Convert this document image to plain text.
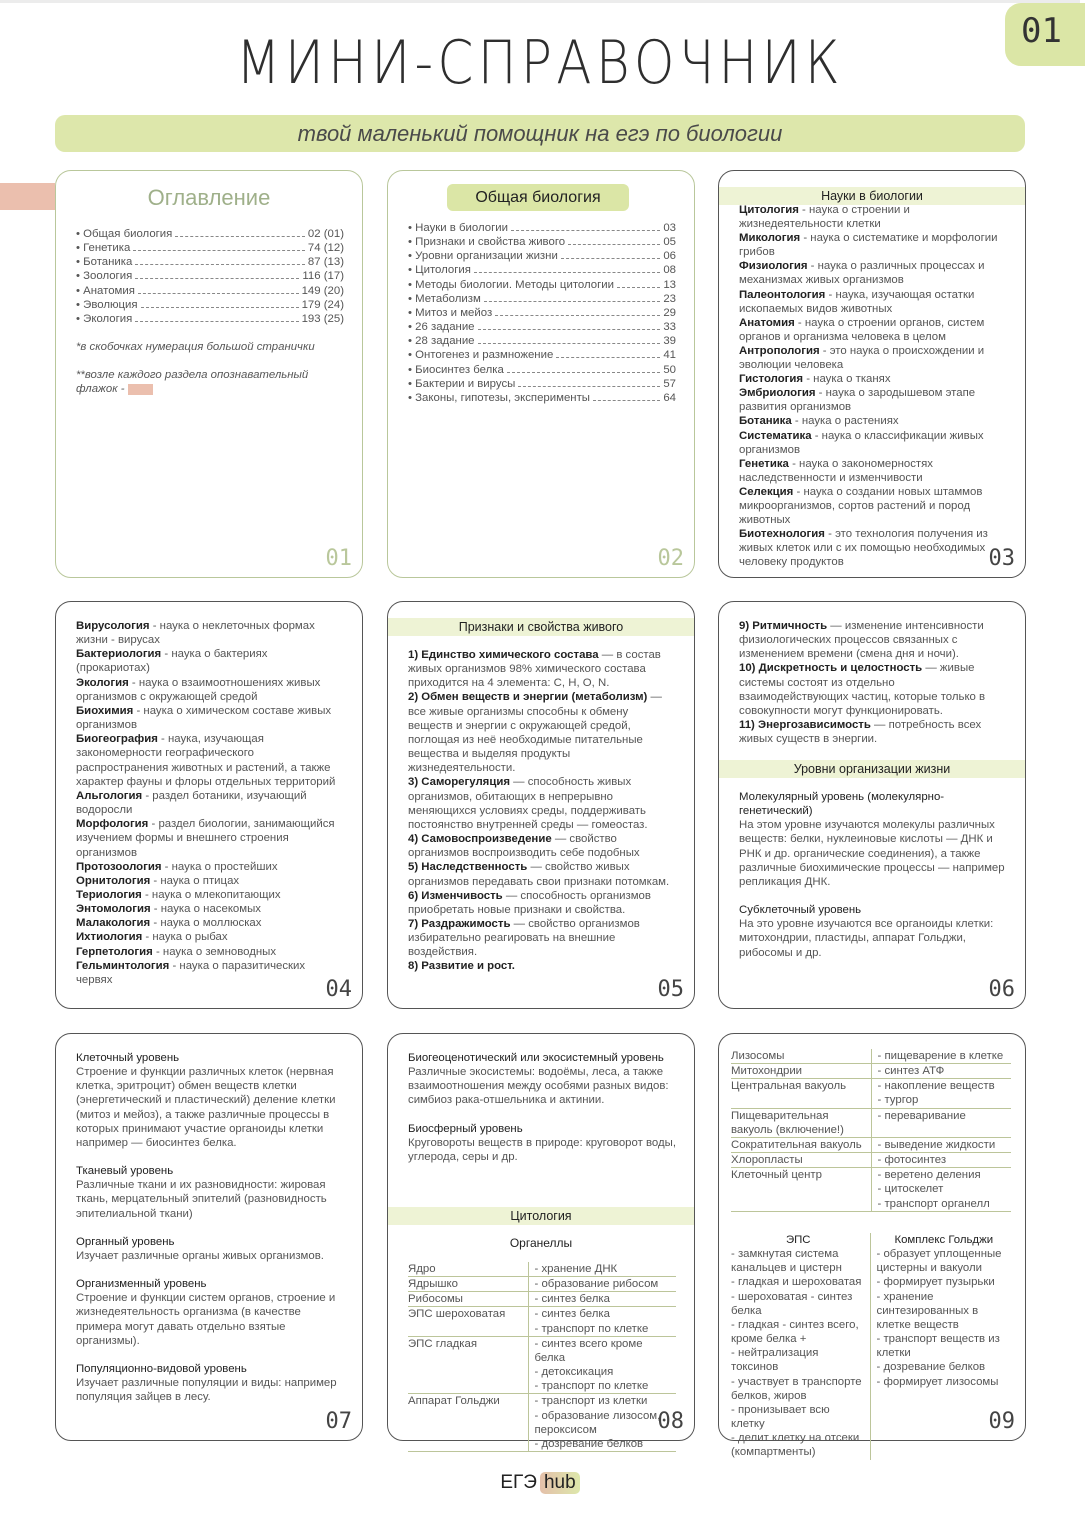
МИНИ-СПРАВОЧНИК	01
твой маленький помощник на егэ по биологии
01
Оглавление
• Общая биология	02 (01)
• Генетика	74 (12)
• Ботаника	87 (13)
• Зоология	116 (17)
• Анатомия	149 (20)
• Эволюция	179 (24)
• Экология	193 (25)
*в скобочках нумерация большой странички
**возле каждого раздела опознавательный флажок -
02
Общая биология
• Науки в биологии	03
• Признаки и свойства живого	05
• Уровни организации жизни	06
• Цитология	08
• Методы биологии. Методы цитологии	13
• Метаболизм	23
• Митоз и мейоз	29
• 26 задание	33
• 28 задание	39
• Онтогенез и размножение	41
• Биосинтез белка	50
• Бактерии и вирусы	57
• Законы, гипотезы, эксперименты	64
03
Науки в биологии
Цитология - наука о строении и жизнедеятельности клетки
Микология - наука о систематике и морфологии грибов
Физиология - наука о различных процессах и механизмах живых организмов
Палеонтология - наука, изучающая остатки ископаемых видов животных
Анатомия - наука о строении органов, систем органов и организма человека в целом
Антропология - это наука о происхождении и эволюции человека
Гистология - наука о тканях
Эмбриология - наука о зародышевом этапе развития организмов
Ботаника - наука о растениях
Систематика - наука о классификации живых организмов
Генетика - наука о закономерностях наследственности и изменчивости
Селекция - наука о создании новых штаммов микроорганизмов, сортов растений и пород животных
Биотехнология - это технология получения из живых клеток или с их помощью необходимых человеку продуктов
04
Вирусология - наука о неклеточных формах жизни - вирусах
Бактериология - наука о бактериях (прокариотах)
Экология - наука о взаимоотношениях живых организмов с окружающей средой
Биохимия - наука о химическом составе живых организмов
Биогеография - наука, изучающая закономерности географического распространения животных и растений, а также характер фауны и флоры отдельных территорий
Альгология - раздел ботаники, изучающий водоросли
Морфология - раздел биологии, занимающийся изучением формы и внешнего строения организмов
Протозоология - наука о простейших
Орнитология - наука о птицах
Териология - наука о млекопитающих
Энтомология - наука о насекомых
Малакология - наука о моллюсках
Ихтиология - наука о рыбах
Герпетология - наука о земноводных
Гельминтология - наука о паразитических червях	05
Признаки и свойства живого
1) Единство химического состава — в состав живых организмов 98% химического состава приходится на 4 элемента: C, H, O, N.
2) Обмен веществ и энергии (метаболизм) — все живые организмы способны к обмену веществ и энергии с окружающей средой, поглощая из неё необходимые питательные вещества и выделяя продукты жизнедеятельности.
3) Саморегуляция — способность живых организмов, обитающих в непрерывно меняющихся условиях среды, поддерживать постоянство внутренней среды — гомеостаз.
4) Самовоспроизведение — свойство организмов воспроизводить себе подобных
5) Наследственность — свойство живых организмов передавать свои признаки потомкам.
6) Изменчивость — способность организмов приобретать новые признаки и свойства.
7) Раздражимость — свойство организмов избирательно реагировать на внешние воздействия.
8) Развитие и рост.
06
9) Ритмичность — изменение интенсивности физиологических процессов связанных с изменением времени (смена дня и ночи).
10) Дискретность и целостность — живые системы состоят из отдельно взаимодействующих частиц, которые только в совокупности могут функционировать.
11) Энергозависимость — потребность всех живых существ в энергии.
Уровни организации жизни
Молекулярный уровень (молекулярно-генетический)
На этом уровне изучаются молекулы различных веществ: белки, нуклеиновые кислоты — ДНК и РНК и др. органические соединения), а также различные биохимические процессы — например репликация ДНК.
Субклеточный уровень
На это уровне изучаются все органоиды клетки: митохондрии, пластиды, аппарат Гольджи, рибосомы и др.
07
Клеточный уровень
Строение и функции различных клеток (нервная клетка, эритроцит) обмен веществ клетки (энергетический и пластический) деление клетки (митоз и мейоз), а также различные процессы в которых принимают участие органоиды клетки например — биосинтез белка.
Тканевый уровень
Различные ткани и их разновидности: жировая ткань, мерцательный эпителий (разновидность эпителиальной ткани)
Органный уровень
Изучает различные органы живых организмов.
Организменный уровень
Строение и функции систем органов, строение и жизнедеятельность организма (в качестве примера могут давать отдельно взятые организмы).
Популяционно-видовой уровень
Изучает различные популяции и виды: например популяция зайцев в лесу.
08
Биогеоценотический или экосистемный уровень
Различные экосистемы: водоёмы, леса, а также взаимоотношения между особями разных видов: симбиоз рака-отшельника и актинии.
Биосферный уровень
Круговороты веществ в природе: круговорот воды, углерода, серы и др.
Цитология
Органеллы
Ядро	- хранение ДНК

Ядрышко	- образование рибосом

Рибосомы	- синтез белка

ЭПС шероховатая	- синтез белка
- транспорт по клетке

ЭПС гладкая	- синтез всего кроме белка
- детоксикация
- транспорт по клетке

Аппарат Гольджи	- транспорт из клетки
- образование лизосом, пероксисом
- дозревание белков
09
Лизосомы	- пищеварение в клетке

Митохондрии	- синтез АТФ

Центральная вакуоль	- накопление веществ
- тургор

Пищеварительная вакуоль (включение!)	- переваривание

Сократительная вакуоль	- выведение жидкости

Хлоропласты	- фотосинтез

Клеточный центр	- веретено деления
- цитоскелет
- транспорт органелл
ЭПС
- замкнутая система канальцев и цистерн
- гладкая и шероховатая
- шероховатая - синтез белка
- гладкая - синтез всего, кроме белка +
- нейтрализация токсинов
- участвует в транспорте белков, жиров
- пронизывает всю клетку
- делит клетку на отсеки (компартменты)
Комплекс Гольджи
- образует уплощенные цистерны и вакуоли
- формирует пузырьки
- хранение синтезированных в клетке веществ
- транспорт веществ из клетки
- дозревание белков
- формирует лизосомы
ЕГЭ hub
